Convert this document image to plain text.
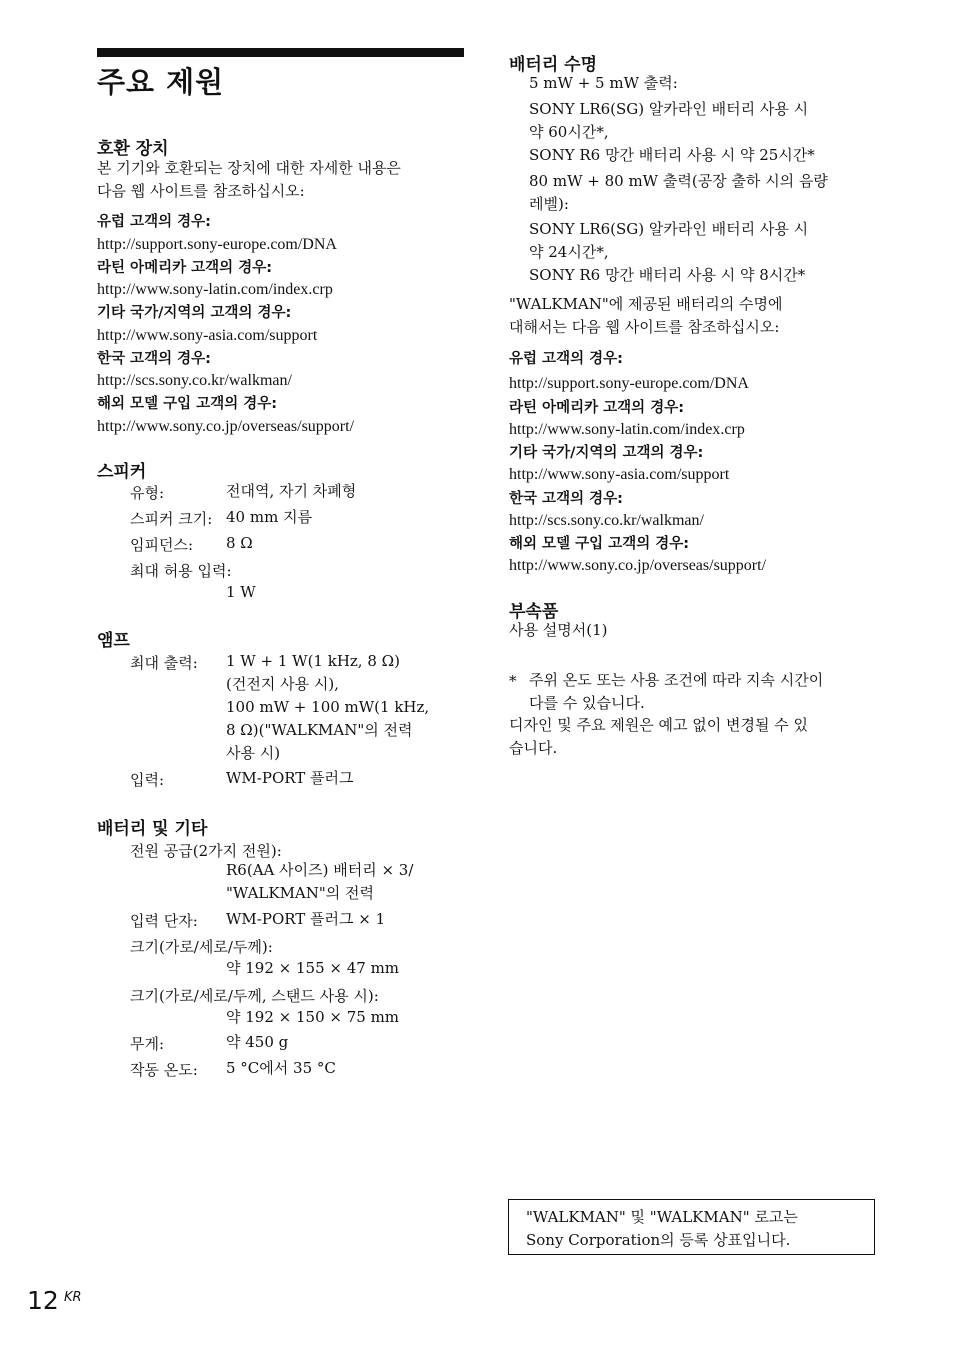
주요 제원
호환 장치

본 기기와 호환되는 장치에 대한 자세한 내용은

다음 웹 사이트를 참조하십시오:

유럽 고객의 경우:

http://support.sony-europe.com/DNA

라틴 아메리카 고객의 경우:

http://www.sony-latin.com/index.crp

기타 국가/지역의 고객의 경우:

http://www.sony-asia.com/support

한국 고객의 경우:

http://scs.sony.co.kr/walkman/

해외 모델 구입 고객의 경우:

http://www.sony.co.jp/overseas/support/

스피커
유형:	전대역, 자기 차폐형
스피커 크기: 40 mm 지름
임피던스: 8 Ω
최대 허용 입력:
1 W
앰프
최대 출력: 1 W + 1 W(1 kHz, 8 Ω)
(건전지 사용 시),
100 mW + 100 mW(1 kHz,
8 Ω)("WALKMAN"의 전력
사용 시)
입력:	WM-PORT 플러그
배터리 및 기타
전원 공급(2가지 전원):
R6(AA 사이즈) 배터리 × 3/
"WALKMAN"의 전력
입력 단자: WM-PORT 플러그 × 1
크기(가로/세로/두께):
약 192 × 155 × 47 mm
크기(가로/세로/두께, 스탠드 사용 시):
약 192 × 150 × 75 mm
무게:	약 450 g
작동 온도: 5 °C에서 35 °C
배터리 수명

5 mW + 5 mW 출력:

SONY LR6(SG) 알카라인 배터리 사용 시

약 60시간*,

SONY R6 망간 배터리 사용 시 약 25시간*

80 mW + 80 mW 출력(공장 출하 시의 음량

레벨):

SONY LR6(SG) 알카라인 배터리 사용 시

약 24시간*,

SONY R6 망간 배터리 사용 시 약 8시간*

"WALKMAN"에 제공된 배터리의 수명에

대해서는 다음 웹 사이트를 참조하십시오:

유럽 고객의 경우:

http://support.sony-europe.com/DNA

라틴 아메리카 고객의 경우:

http://www.sony-latin.com/index.crp

기타 국가/지역의 고객의 경우:

http://www.sony-asia.com/support

한국 고객의 경우:

http://scs.sony.co.kr/walkman/

해외 모델 구입 고객의 경우:

http://www.sony.co.jp/overseas/support/

부속품

사용 설명서(1)

* 주위 온도 또는 사용 조건에 따라 지속 시간이

다를 수 있습니다.

디자인 및 주요 제원은 예고 없이 변경될 수 있

습니다.

"WALKMAN" 및 "WALKMAN" 로고는
Sony Corporation의 등록 상표입니다.
12 KR
